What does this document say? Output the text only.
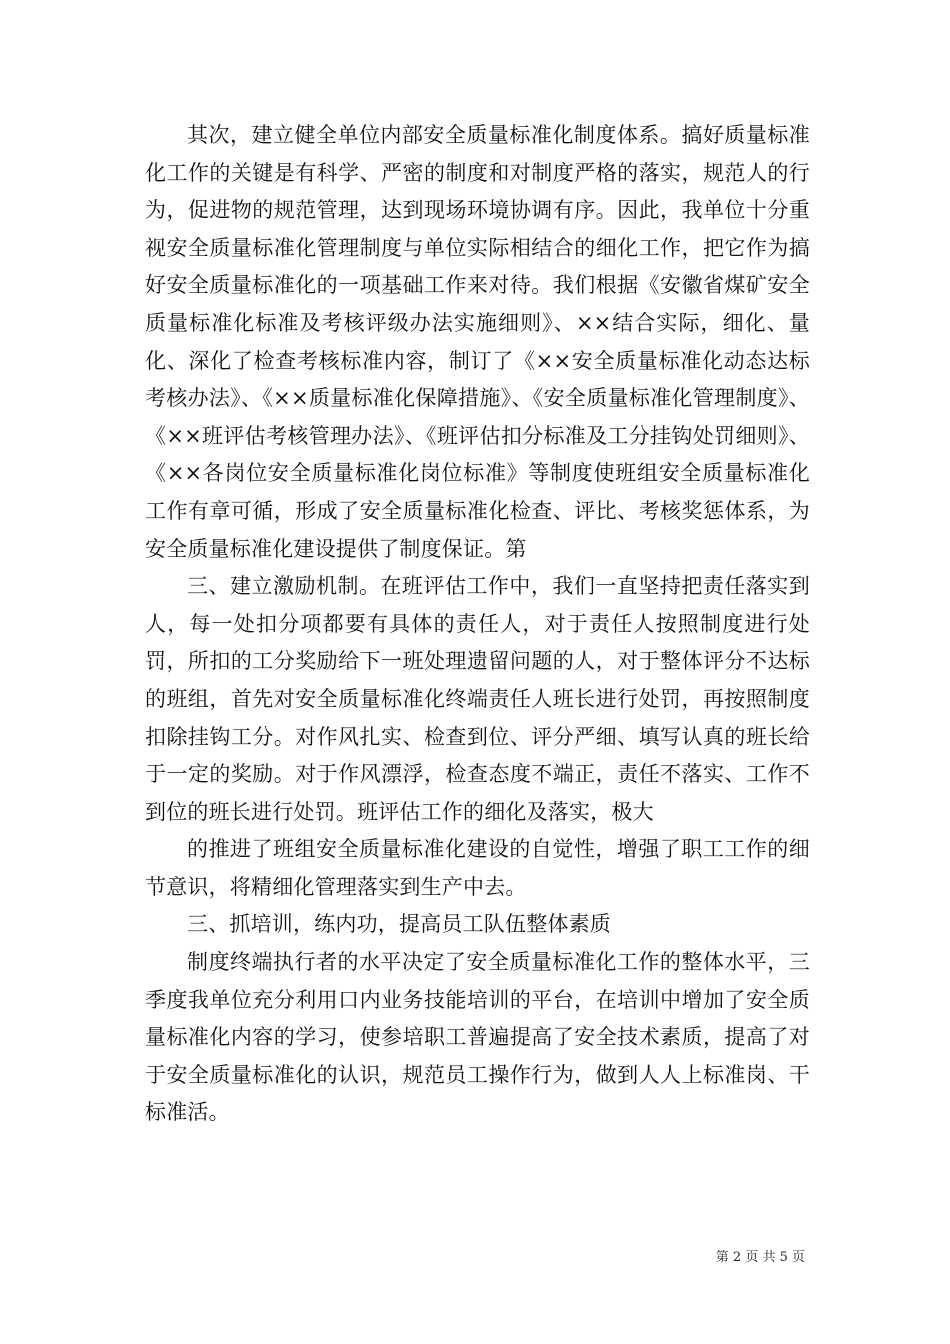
其次，建立健全单位内部安全质量标准化制度体系。搞好质量标准化工作的关键是有科学、严密的制度和对制度严格的落实，规范人的行为，促进物的规范管理，达到现场环境协调有序。因此，我单位十分重视安全质量标准化管理制度与单位实际相结合的细化工作，把它作为搞好安全质量标准化的一项基础工作来对待。我们根据《安徽省煤矿安全质量标准化标准及考核评级办法实施细则》、××结合实际，细化、量化、深化了检查考核标准内容，制订了《××安全质量标准化动态达标考核办法》、《××质量标准化保障措施》、《安全质量标准化管理制度》、《××班评估考核管理办法》、《班评估扣分标准及工分挂钩处罚细则》、《××各岗位安全质量标准化岗位标准》等制度使班组安全质量标准化工作有章可循，形成了安全质量标准化检查、评比、考核奖惩体系，为安全质量标准化建设提供了制度保证。第

三、建立激励机制。在班评估工作中，我们一直坚持把责任落实到人，每一处扣分项都要有具体的责任人，对于责任人按照制度进行处罚，所扣的工分奖励给下一班处理遗留问题的人，对于整体评分不达标的班组，首先对安全质量标准化终端责任人班长进行处罚，再按照制度扣除挂钩工分。对作风扎实、检查到位、评分严细、填写认真的班长给于一定的奖励。对于作风漂浮，检查态度不端正，责任不落实、工作不到位的班长进行处罚。班评估工作的细化及落实，极大

的推进了班组安全质量标准化建设的自觉性，增强了职工工作的细节意识，将精细化管理落实到生产中去。

三、抓培训，练内功，提高员工队伍整体素质

制度终端执行者的水平决定了安全质量标准化工作的整体水平，三季度我单位充分利用口内业务技能培训的平台，在培训中增加了安全质量标准化内容的学习，使参培职工普遍提高了安全技术素质，提高了对于安全质量标准化的认识，规范员工操作行为，做到人人上标准岗、干标准活。

第 2 页 共 5 页
